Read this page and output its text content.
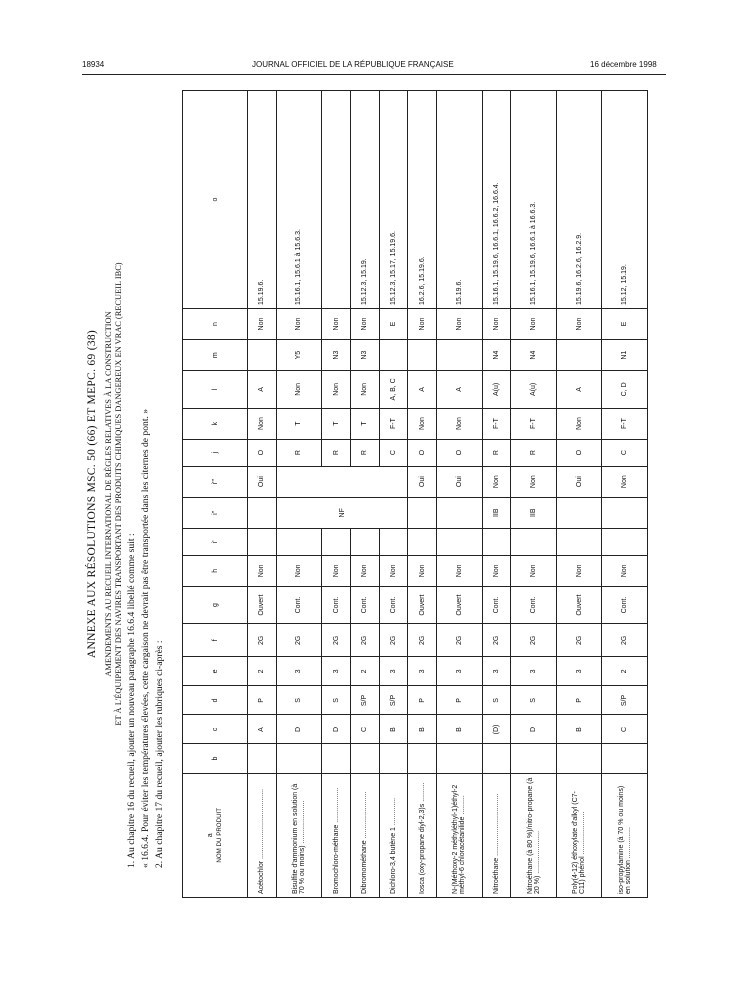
18934	JOURNAL OFFICIEL DE LA RÉPUBLIQUE FRANÇAISE	16 décembre 1998
ANNEXE AUX RÉSOLUTIONS MSC. 50 (66) ET MEPC. 69 (38) AMENDEMENTS AU RECUEIL INTERNATIONAL DE RÈGLES RELATIVES À LA CONSTRUCTION ET À L'ÉQUIPEMENT DES NAVIRES TRANSPORTANT DES PRODUITS CHIMIQUES DANGEREUX EN VRAC (RECUEIL IBC) 1. Au chapitre 16 du recueil, ajouter un nouveau paragraphe 16.6.4 libellé comme suit : « 16.6.4. Pour éviter les températures élevées, cette cargaison ne devrait pas être transportée dans les citernes de pont. » 2. Au chapitre 17 du recueil, ajouter les rubriques ci-après :	a NOM DU PRODUIT	b	c	d	e	f	g	h	i'	i''	i'''	j	k	l	m	n	o
Acétochlor ....................................		A	P	2	2G	Ouvert	Non			Oui	O	Non	A		Non	15.19.6.
Bisulfite d'ammonium en solution (à 70 % ou moins) ......................		D	S	3	2G	Cont.	Non		NF		R	T	Non	Y5	Non	15.16.1, 15.6.1 à 15.6.3.
Bromochloro-méthane ..................		D	S	3	2G	Cont.	Non				R	T	Non	N3	Non	
Dibromométhane ........................		C	S/P	2	2G	Cont.	Non				R	T	Non	N3	Non	15.12.3, 15.19.
Dichloro-3,4 butène 1 ..............		B	S/P	3	2G	Cont.	Non				C	F-T	A, B, C		E	15.12.3, 15.17, 15.19.6.
Iosca (oxy-propane diyl-2,3)s ..........		B	P	3	2G	Ouvert	Non			Oui	O	Non	A		Non	16.2.6, 15.19.6.
N-(Méthoxy-2 méthyléthyl-1)éthyl-2 méthyl-6 chloracétanilide ..........		B	P	3	2G	Ouvert	Non			Oui	O	Non	A		Non	15.19.6.
Nitroéthane ................................		(D)	S	3	2G	Cont.	Non		IIB	Non	R	F-T	A(u)	N4	Non	15.16.1, 15.19.6, 16.6.1, 16.6.2, 16.6.4.
Nitroéthane (à 80 %)/nitro-propane (à 20 %) ......................		D	S	3	2G	Cont.	Non		IIB	Non	R	F-T	A(u)	N4	Non	15.16.1, 15.19.6, 16.6.1 à 16.6.3.
Poly(4-12) éthoxylate d'alkyl (C7-C11) phénol ......................		B	P	3	2G	Ouvert	Non			Oui	O	Non	A		Non	15.19.6, 16.2.6, 16.2.9.
iso-propylamine (à 70 % ou moins) en solution ................		C	S/P	2	2G	Cont.	Non			Non	C	F-T	C, D	N1	E	15.12, 15.19.
